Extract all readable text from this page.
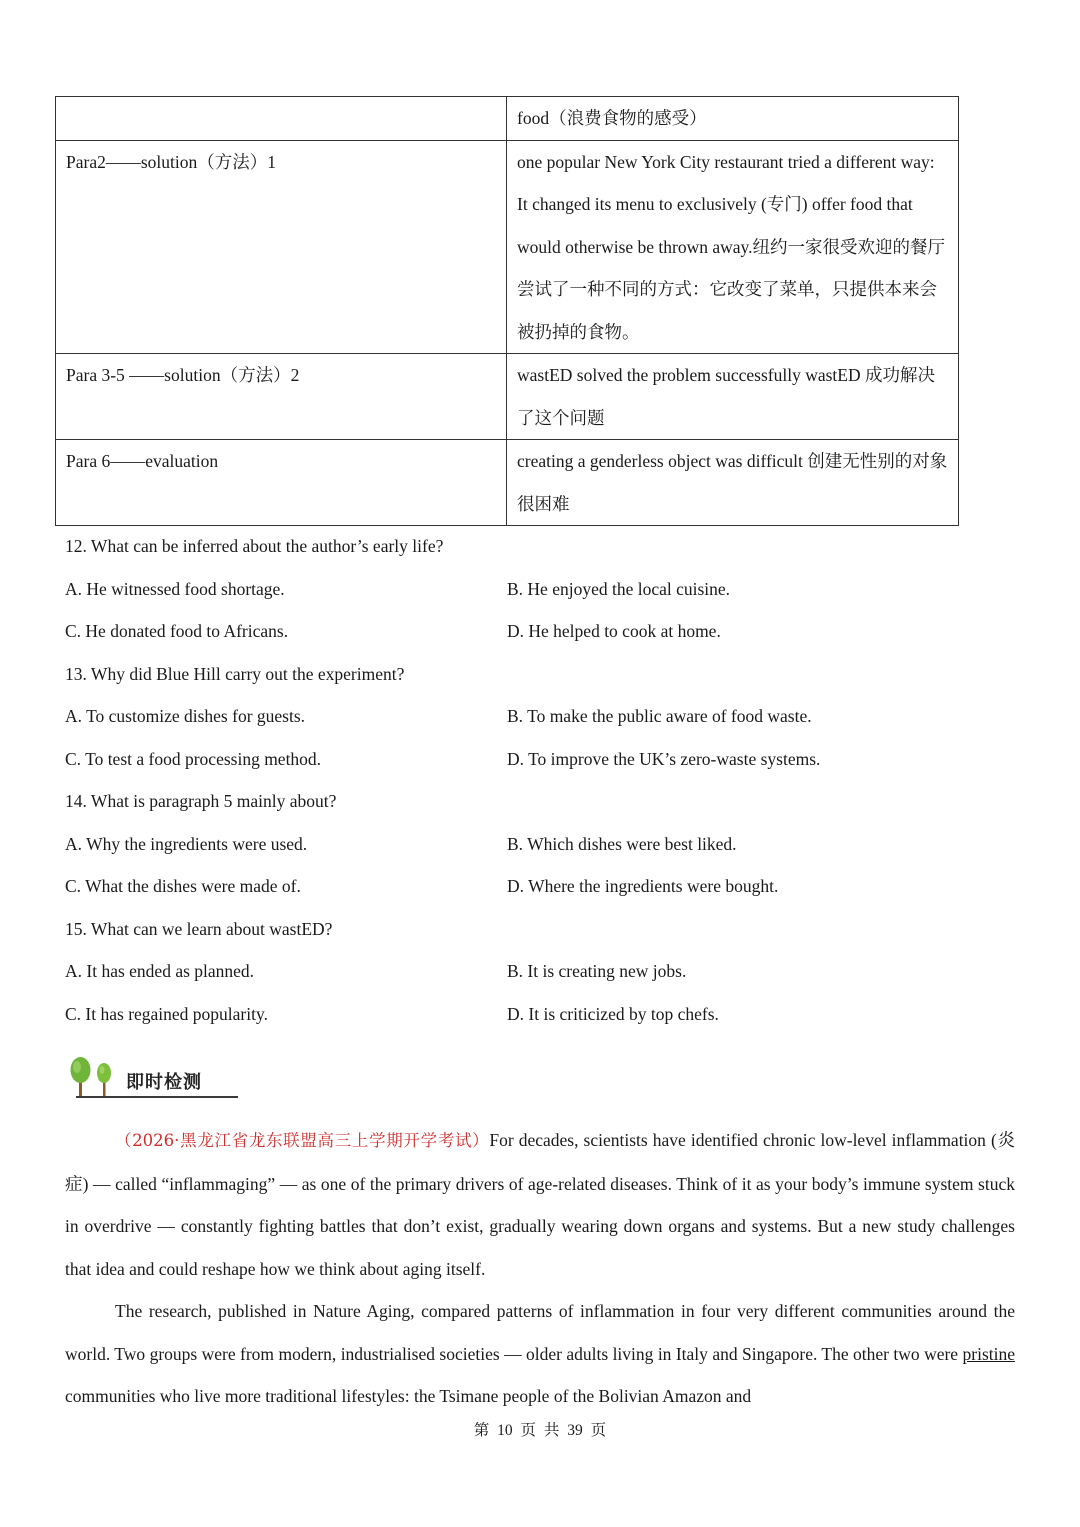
	food（浪费食物的感受）
Para2——solution（方法）1	one popular New York City restaurant tried a different way: It changed its menu to exclusively (专门) offer food that would otherwise be thrown away.纽约一家很受欢迎的餐厅尝试了一种不同的方式：它改变了菜单，只提供本来会被扔掉的食物。
Para 3-5 ——solution（方法）2	wastED solved the problem successfully wastED 成功解决了这个问题
Para 6——evaluation	creating a genderless object was difficult 创建无性别的对象很困难
12. What can be inferred about the author’s early life?
A. He witnessed food shortage.	B. He enjoyed the local cuisine.
C. He donated food to Africans.	D. He helped to cook at home.
13. Why did Blue Hill carry out the experiment?
A. To customize dishes for guests.	B. To make the public aware of food waste.
C. To test a food processing method.	D. To improve the UK’s zero-waste systems.
14. What is paragraph 5 mainly about?
A. Why the ingredients were used.	B. Which dishes were best liked.
C. What the dishes were made of.	D. Where the ingredients were bought.
15. What can we learn about wastED?
A. It has ended as planned.	B. It is creating new jobs.
C. It has regained popularity.	D. It is criticized by top chefs.
即时检测

（2026·黑龙江省龙东联盟高三上学期开学考试）For decades, scientists have identified chronic low-level inflammation (炎症) — called “inflammaging” — as one of the primary drivers of age-related diseases. Think of it as your body’s immune system stuck in overdrive — constantly fighting battles that don’t exist, gradually wearing down organs and systems. But a new study challenges that idea and could reshape how we think about aging itself.

The research, published in Nature Aging, compared patterns of inflammation in four very different communities around the world. Two groups were from modern, industrialised societies — older adults living in Italy and Singapore. The other two were pristine communities who live more traditional lifestyles: the Tsimane people of the Bolivian Amazon and

第 10 页 共 39 页
